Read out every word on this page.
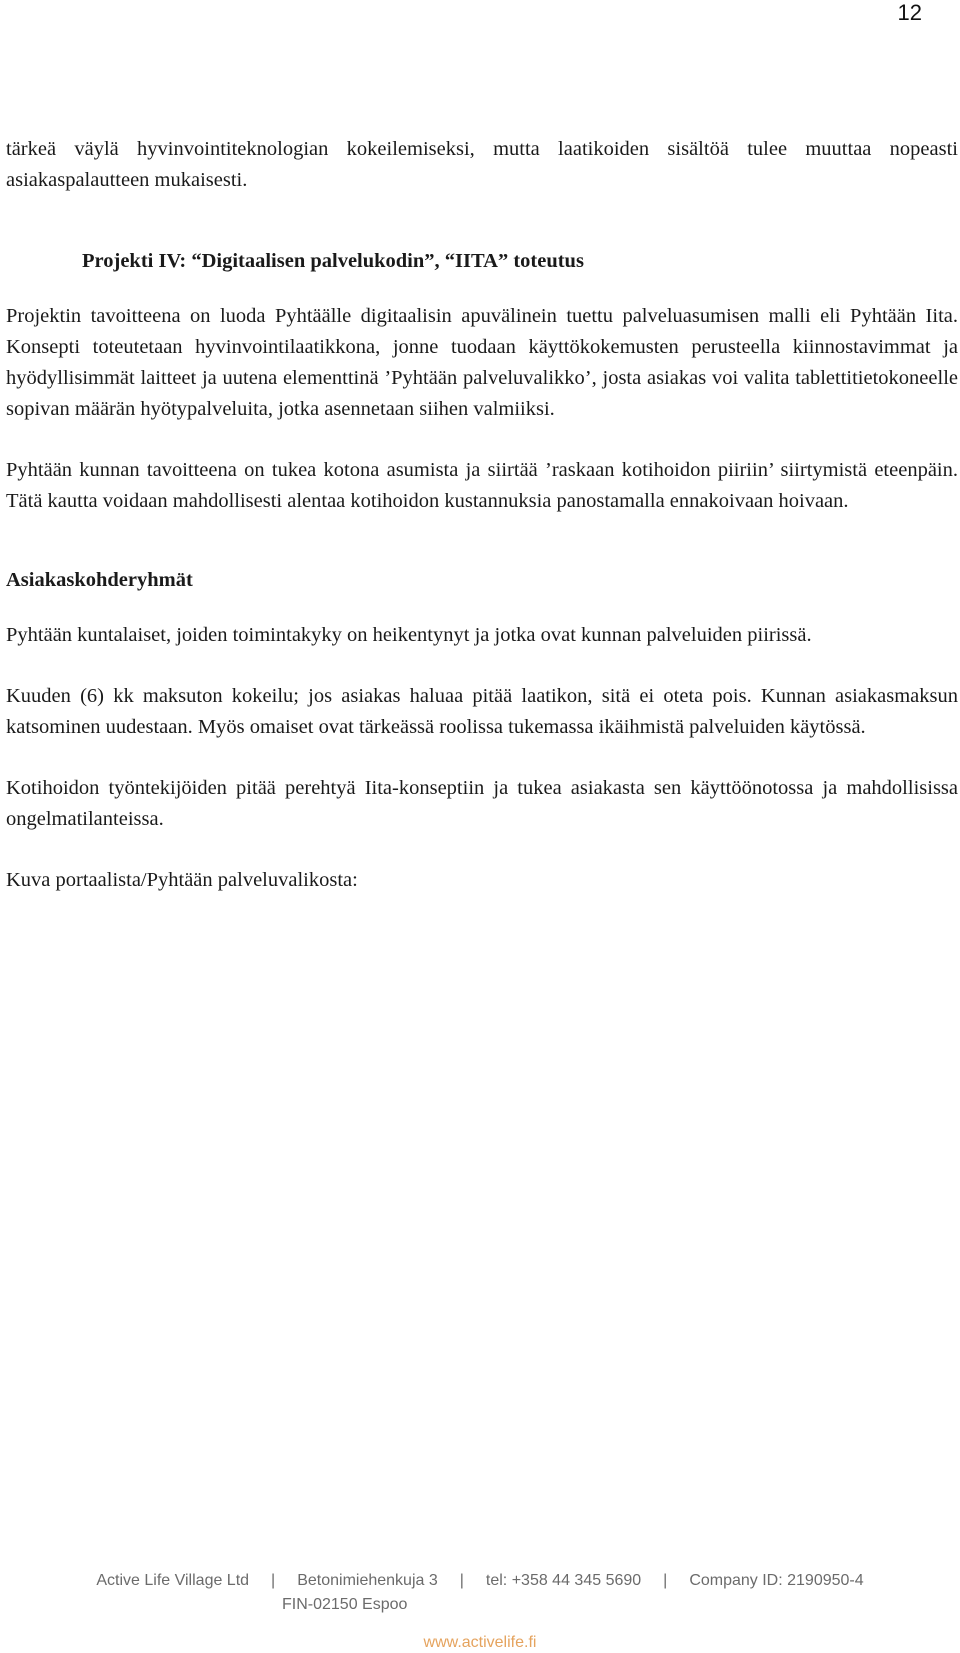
12

tärkeä väylä hyvinvointiteknologian kokeilemiseksi, mutta laatikoiden sisältöä tulee muuttaa nopeasti asiakaspalautteen mukaisesti.

Projekti IV: “Digitaalisen palvelukodin”, “IITA” toteutus

Projektin tavoitteena on luoda Pyhtäälle digitaalisin apuvälinein tuettu palveluasumisen malli eli Pyhtään Iita. Konsepti toteutetaan hyvinvointilaatikkona, jonne tuodaan käyttökokemusten perusteella kiinnostavimmat ja hyödyllisimmät laitteet ja uutena elementtinä ’Pyhtään palveluvalikko’, josta asiakas voi valita tablettitietokoneelle sopivan määrän hyötypalveluita, jotka asennetaan siihen valmiiksi.

Pyhtään kunnan tavoitteena on tukea kotona asumista ja siirtää ’raskaan kotihoidon piiriin’ siirtymistä eteenpäin. Tätä kautta voidaan mahdollisesti alentaa kotihoidon kustannuksia panostamalla ennakoivaan hoivaan.

Asiakaskohderyhmät

Pyhtään kuntalaiset, joiden toimintakyky on heikentynyt ja jotka ovat kunnan palveluiden piirissä.

Kuuden (6) kk maksuton kokeilu; jos asiakas haluaa pitää laatikon, sitä ei oteta pois. Kunnan asiakasmaksun katsominen uudestaan. Myös omaiset ovat tärkeässä roolissa tukemassa ikäihmistä palveluiden käytössä.

Kotihoidon työntekijöiden pitää perehtyä Iita-konseptiin ja tukea asiakasta sen käyttöönotossa ja mahdollisissa ongelmatilanteissa.

Kuva portaalista/Pyhtään palveluvalikosta:

Active Life Village Ltd	|	Betonimiehenkuja 3	|	tel: +358 44 345 5690	|	Company ID: 2190950-4
FIN-02150 Espoo
www.activelife.fi
